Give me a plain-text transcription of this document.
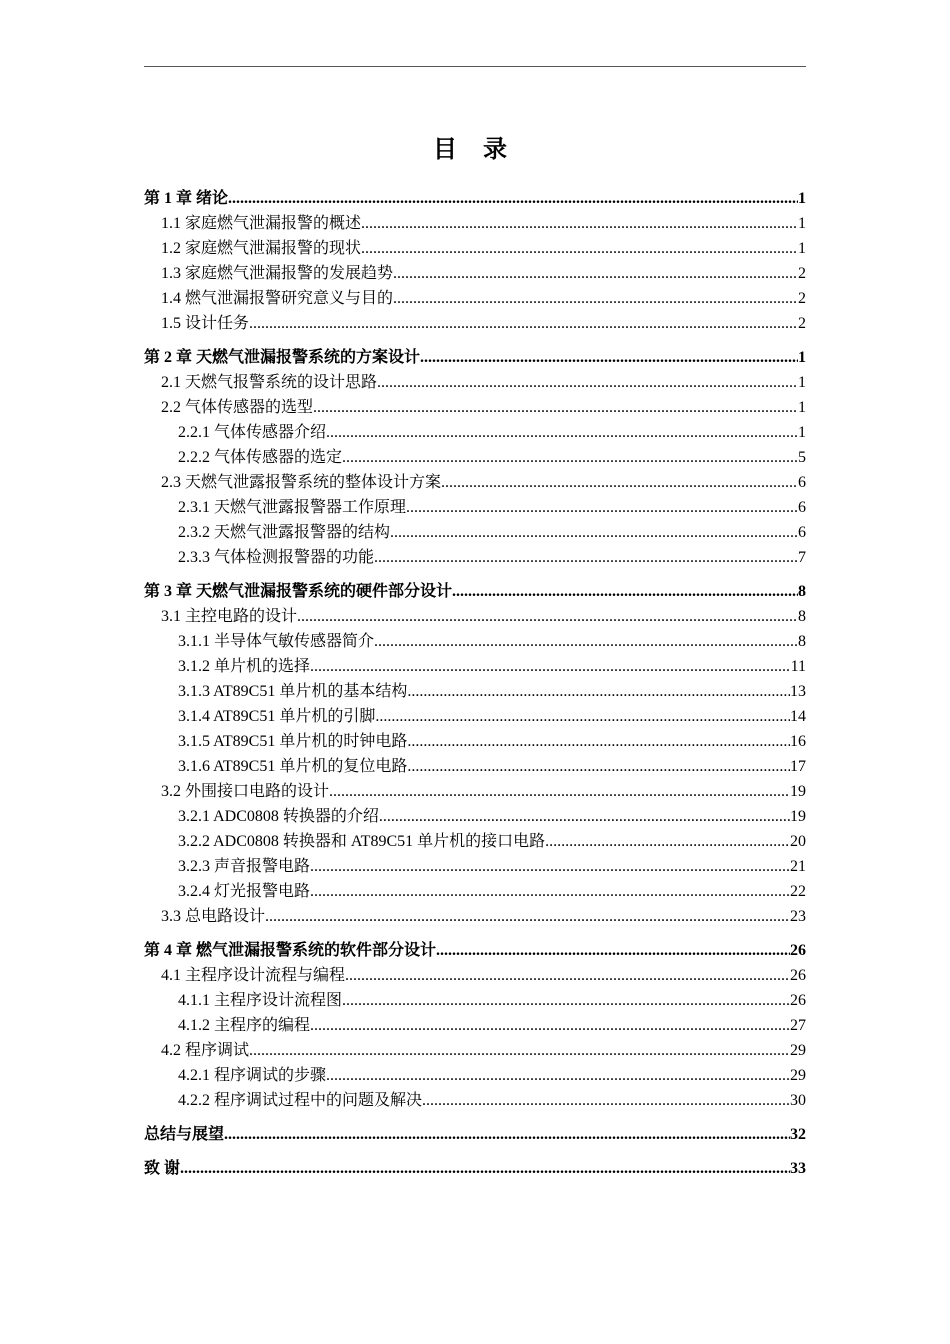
目 录
第 1 章 绪论 .....	1
1.1 家庭燃气泄漏报警的概述 .....	1
1.2 家庭燃气泄漏报警的现状 .....	1
1.3 家庭燃气泄漏报警的发展趋势 .....	2
1.4 燃气泄漏报警研究意义与目的 .....	2
1.5 设计任务 .....	2
第 2 章 天燃气泄漏报警系统的方案设计 .....	1
2.1 天燃气报警系统的设计思路 .....	1
2.2 气体传感器的选型 .....	1
2.2.1 气体传感器介绍 .....	1
2.2.2 气体传感器的选定 .....	5
2.3 天燃气泄露报警系统的整体设计方案 .....	6
2.3.1 天燃气泄露报警器工作原理 .....	6
2.3.2 天燃气泄露报警器的结构 .....	6
2.3.3 气体检测报警器的功能 .....	7
第 3 章 天燃气泄漏报警系统的硬件部分设计 .....	8
3.1 主控电路的设计 .....	8
3.1.1 半导体气敏传感器简介 .....	8
3.1.2 单片机的选择 .....	11
3.1.3 AT89C51 单片机的基本结构 .....	13
3.1.4 AT89C51 单片机的引脚 .....	14
3.1.5 AT89C51 单片机的时钟电路 .....	16
3.1.6 AT89C51 单片机的复位电路 .....	17
3.2 外围接口电路的设计 .....	19
3.2.1 ADC0808 转换器的介绍 .....	19
3.2.2 ADC0808 转换器和 AT89C51 单片机的接口电路 .....	20
3.2.3 声音报警电路 .....	21
3.2.4 灯光报警电路 .....	22
3.3 总电路设计 .....	23
第 4 章 燃气泄漏报警系统的软件部分设计 .....	26
4.1 主程序设计流程与编程 .....	26
4.1.1 主程序设计流程图 .....	26
4.1.2 主程序的编程 .....	27
4.2 程序调试 .....	29
4.2.1 程序调试的步骤 .....	29
4.2.2 程序调试过程中的问题及解决 .....	30
总结与展望 .....	32
致 谢 .....	33
